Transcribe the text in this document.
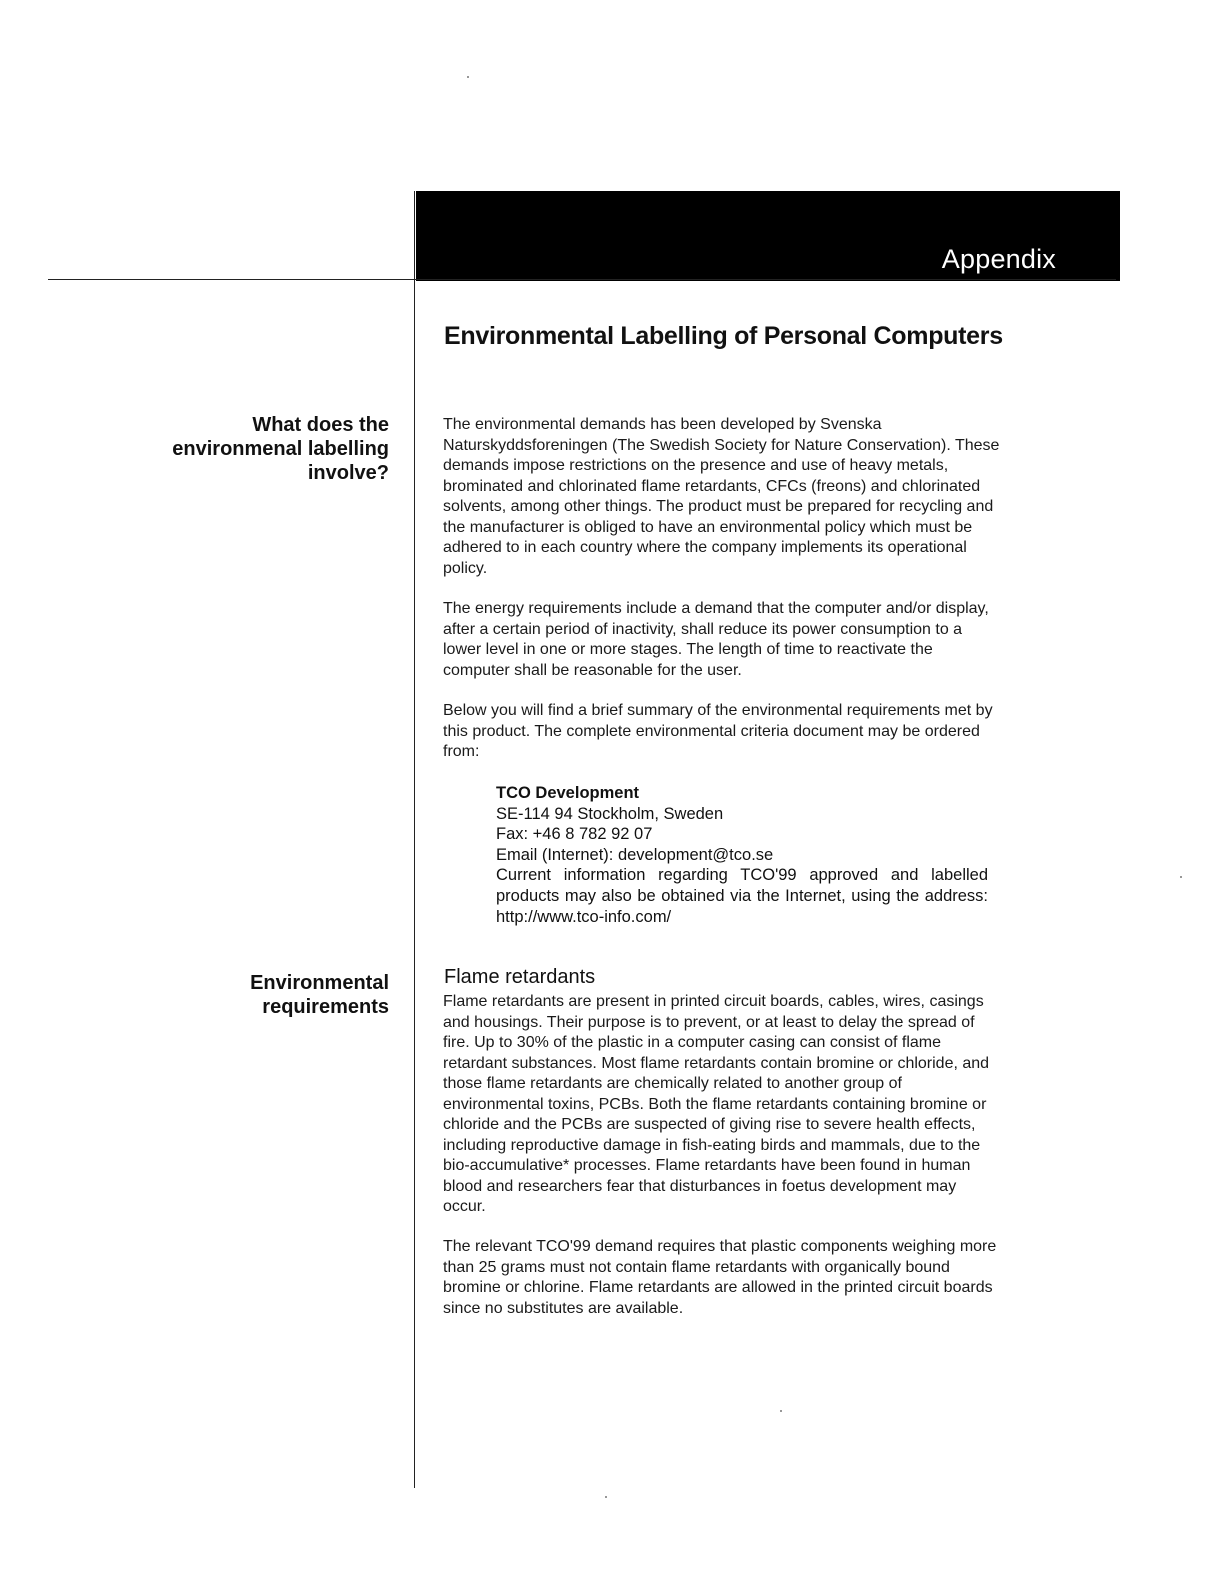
Appendix
Environmental Labelling of Personal Computers
What does the
environmenal labelling
involve?
Environmental
requirements

The environmental demands has been developed by Svenska Naturskyddsforeningen (The Swedish Society for Nature Conservation). These demands impose restrictions on the presence and use of heavy metals, brominated and chlorinated flame retardants, CFCs (freons) and chlorinated solvents, among other things. The product must be prepared for recycling and the manufacturer is obliged to have an environmental policy which must be adhered to in each country where the company implements its operational policy.

The energy requirements include a demand that the computer and/or display, after a certain period of inactivity, shall reduce its power consumption to a lower level in one or more stages. The length of time to reactivate the computer shall be reasonable for the user.

Below you will find a brief summary of the environmental requirements met by this product. The complete environmental criteria document may be ordered from:

TCO Development
SE-114 94 Stockholm, Sweden
Fax: +46 8 782 92 07
Email (Internet): development@tco.se
Current information regarding TCO'99 approved and labelled products may also be obtained via the Internet, using the address: http://www.tco-info.com/
Flame retardants

Flame retardants are present in printed circuit boards, cables, wires, casings and housings. Their purpose is to prevent, or at least to delay the spread of fire. Up to 30% of the plastic in a computer casing can consist of flame retardant substances. Most flame retardants contain bromine or chloride, and those flame retardants are chemically related to another group of environmental toxins, PCBs. Both the flame retardants containing bromine or chloride and the PCBs are suspected of giving rise to severe health effects, including reproductive damage in fish-eating birds and mammals, due to the bio-accumulative* processes. Flame retardants have been found in human blood and researchers fear that disturbances in foetus development may occur.

The relevant TCO'99 demand requires that plastic components weighing more than 25 grams must not contain flame retardants with organically bound bromine or chlorine. Flame retardants are allowed in the printed circuit boards since no substitutes are available.
